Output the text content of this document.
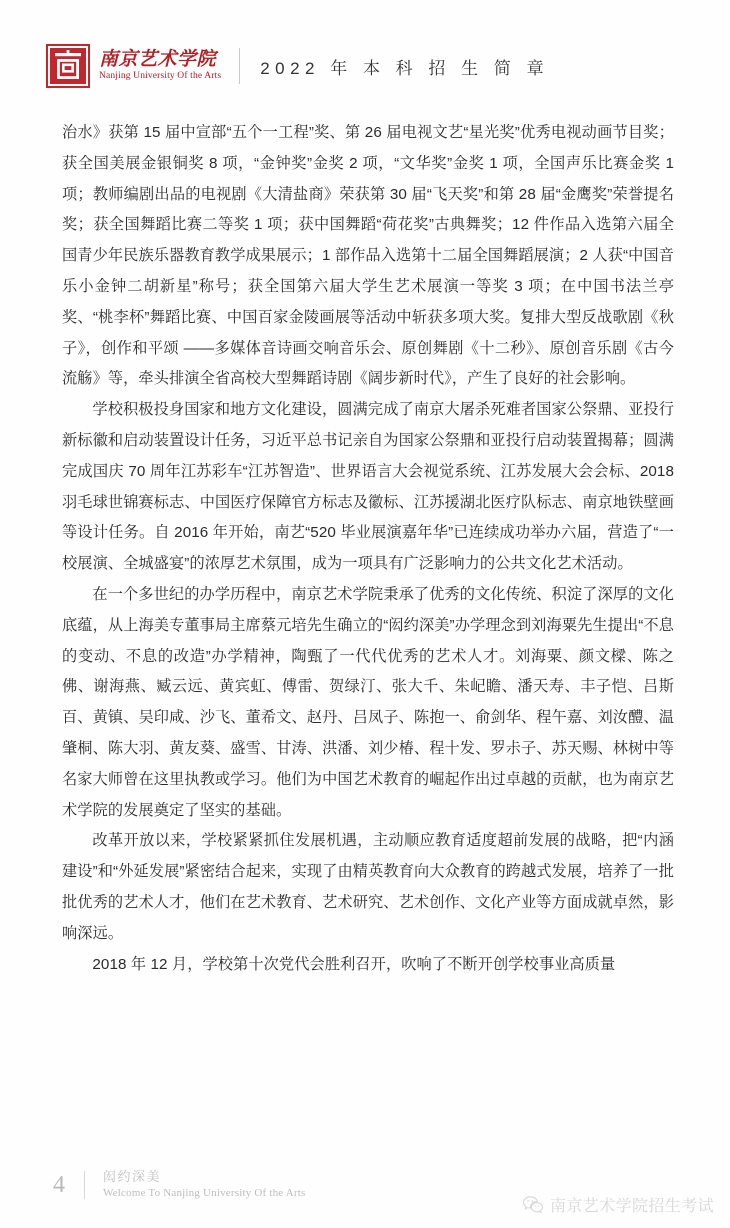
南京艺术学院
Nanjing University Of the Arts 2022 年 本 科 招 生 简 章

治水》获第 15 届中宣部“五个一工程”奖、第 26 届电视文艺“星光奖”优秀电视动画节目奖；获全国美展金银铜奖 8 项，“金钟奖”金奖 2 项，“文华奖”金奖 1 项，全国声乐比赛金奖 1 项；教师编剧出品的电视剧《大清盐商》荣获第 30 届“飞天奖”和第 28 届“金鹰奖”荣誉提名奖；获全国舞蹈比赛二等奖 1 项；获中国舞蹈“荷花奖”古典舞奖；12 件作品入选第六届全国青少年民族乐器教育教学成果展示；1 部作品入选第十二届全国舞蹈展演；2 人获“中国音乐小金钟二胡新星”称号；获全国第六届大学生艺术展演一等奖 3 项；在中国书法兰亭奖、“桃李杯”舞蹈比赛、中国百家金陵画展等活动中斩获多项大奖。复排大型反战歌剧《秋子》，创作和平颂 ——多媒体音诗画交响音乐会、原创舞剧《十二秒》、原创音乐剧《古今流觞》等，牵头排演全省高校大型舞蹈诗剧《阔步新时代》，产生了良好的社会影响。

学校积极投身国家和地方文化建设，圆满完成了南京大屠杀死难者国家公祭鼎、亚投行新标徽和启动装置设计任务，习近平总书记亲自为国家公祭鼎和亚投行启动装置揭幕；圆满完成国庆 70 周年江苏彩车“江苏智造”、世界语言大会视觉系统、江苏发展大会会标、2018 羽毛球世锦赛标志、中国医疗保障官方标志及徽标、江苏援湖北医疗队标志、南京地铁壁画等设计任务。自 2016 年开始，南艺“520 毕业展演嘉年华”已连续成功举办六届，营造了“一校展演、全城盛宴”的浓厚艺术氛围，成为一项具有广泛影响力的公共文化艺术活动。

在一个多世纪的办学历程中，南京艺术学院秉承了优秀的文化传统、积淀了深厚的文化底蕴，从上海美专董事局主席蔡元培先生确立的“闳约深美”办学理念到刘海粟先生提出“不息的变动、不息的改造”办学精神，陶甄了一代代优秀的艺术人才。刘海粟、颜文樑、陈之佛、谢海燕、臧云远、黄宾虹、傅雷、贺绿汀、张大千、朱屺瞻、潘天寿、丰子恺、吕斯百、黄镇、吴印咸、沙飞、董希文、赵丹、吕凤子、陈抱一、俞剑华、程午嘉、刘汝醴、温肇桐、陈大羽、黄友葵、盛雪、甘涛、洪潘、刘少椿、程十发、罗尗子、苏天赐、林树中等名家大师曾在这里执教或学习。他们为中国艺术教育的崛起作出过卓越的贡献，也为南京艺术学院的发展奠定了坚实的基础。

改革开放以来，学校紧紧抓住发展机遇，主动顺应教育适度超前发展的战略，把“内涵建设”和“外延发展”紧密结合起来，实现了由精英教育向大众教育的跨越式发展，培养了一批批优秀的艺术人才，他们在艺术教育、艺术研究、艺术创作、文化产业等方面成就卓然，影响深远。

2018 年 12 月，学校第十次党代会胜利召开，吹响了不断开创学校事业高质量

4	闳约深美
Welcome To Nanjing University Of the Arts
南京艺术学院招生考试
